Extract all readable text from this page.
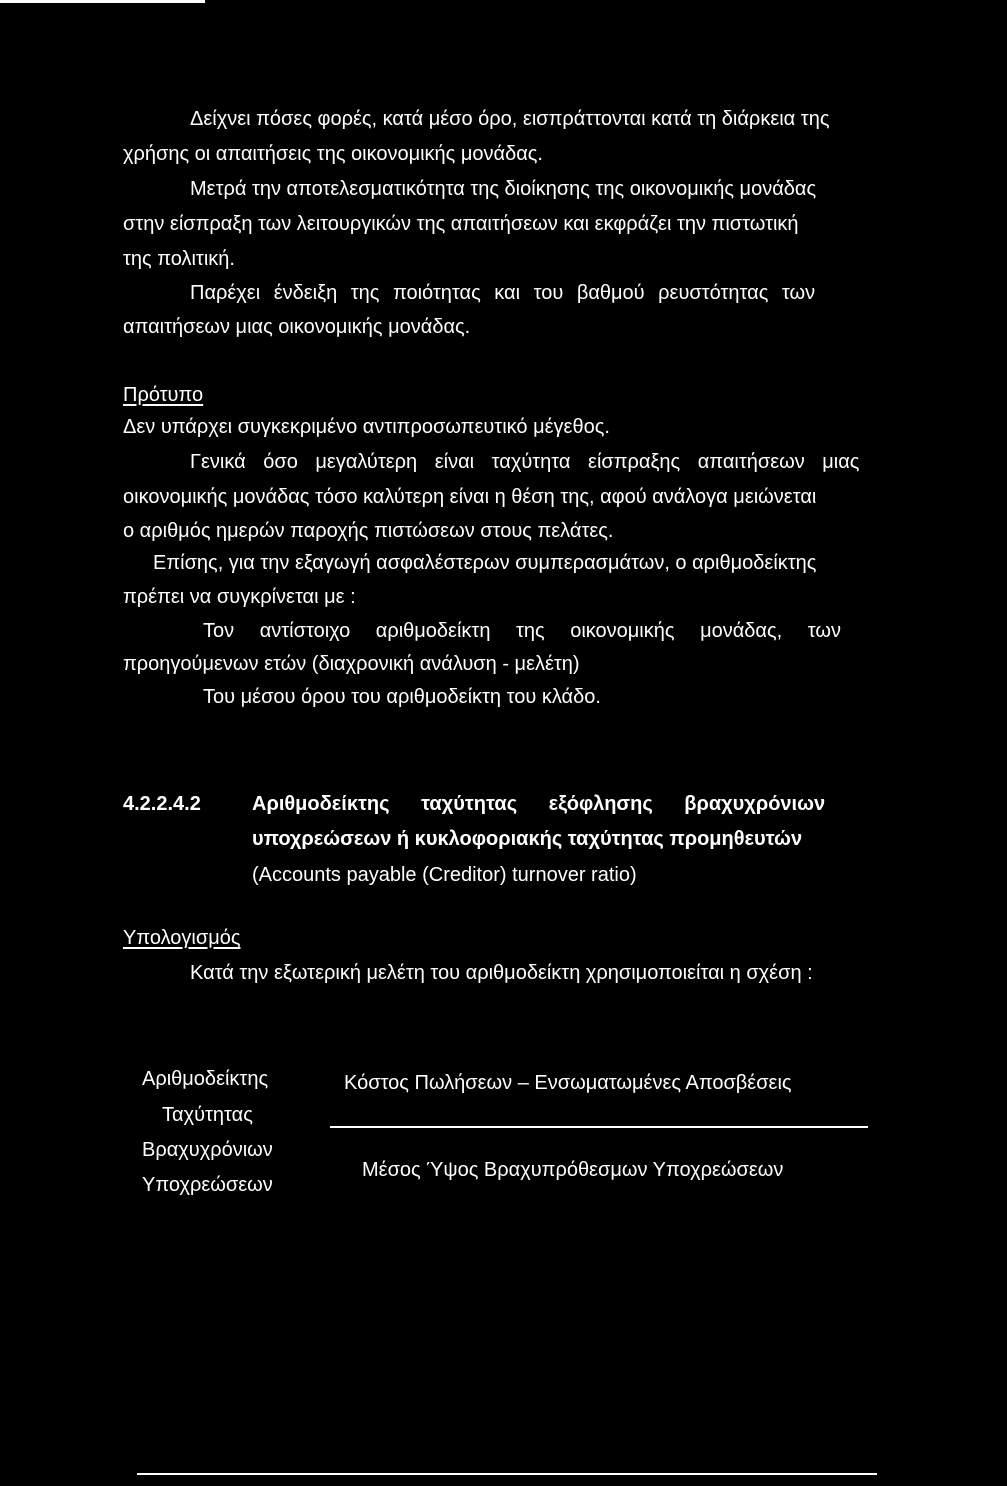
Δείχνει πόσες φορές, κατά μέσο όρο, εισπράττονται κατά τη διάρκεια της
χρήσης οι απαιτήσεις της οικονομικής μονάδας.
Μετρά την αποτελεσματικότητα της διοίκησης της οικονομικής μονάδας
στην είσπραξη των λειτουργικών της απαιτήσεων και εκφράζει την πιστωτική
της πολιτική.
Παρέχει ένδειξη της ποιότητας και του βαθμού ρευστότητας των
απαιτήσεων μιας οικονομικής μονάδας.
Πρότυπο
Δεν υπάρχει συγκεκριμένο αντιπροσωπευτικό μέγεθος.
Γενικά όσο μεγαλύτερη είναι ταχύτητα είσπραξης απαιτήσεων μιας
οικονομικής μονάδας τόσο καλύτερη είναι η θέση της, αφού ανάλογα μειώνεται
ο αριθμός ημερών παροχής πιστώσεων στους πελάτες.
Επίσης, για την εξαγωγή ασφαλέστερων συμπερασμάτων, ο αριθμοδείκτης
πρέπει να συγκρίνεται με :
Τον αντίστοιχο αριθμοδείκτη της οικονομικής μονάδας, των
προηγούμενων ετών (διαχρονική ανάλυση - μελέτη)
Του μέσου όρου του αριθμοδείκτη του κλάδο.
4.2.2.4.2	Αριθμοδείκτης ταχύτητας εξόφλησης βραχυχρόνιων
υποχρεώσεων ή κυκλοφοριακής ταχύτητας προμηθευτών
(Accounts payable (Creditor) turnover ratio)
Υπολογισμός
Κατά την εξωτερική μελέτη του αριθμοδείκτη χρησιμοποιείται η σχέση :
Αριθμοδείκτης
Ταχύτητας
Βραχυχρόνιων
Υποχρεώσεων
Κόστος Πωλήσεων – Ενσωματωμένες Αποσβέσεις
Μέσος Ύψος Βραχυπρόθεσμων Υποχρεώσεων
